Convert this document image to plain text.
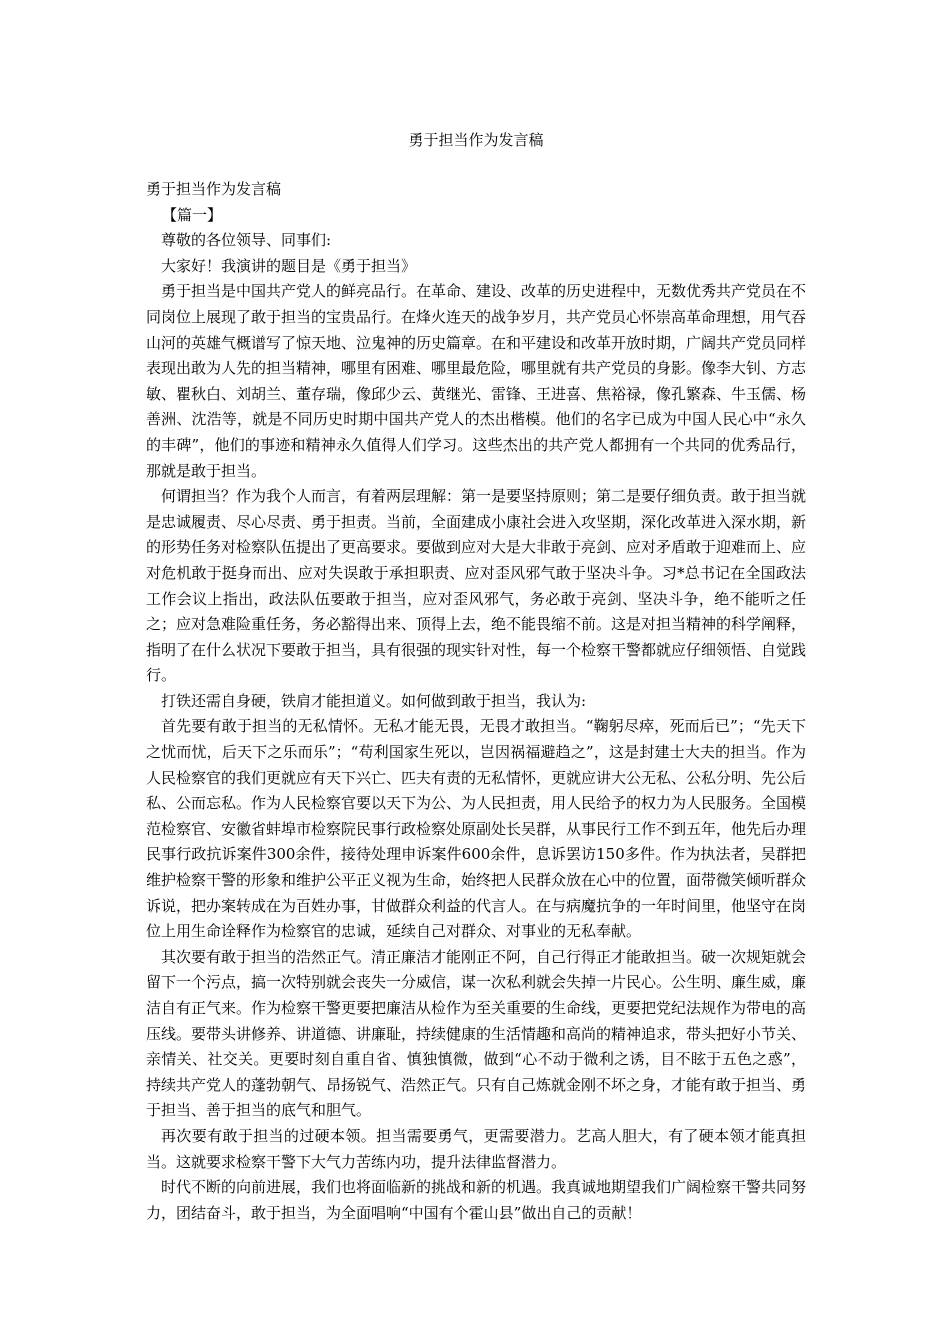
勇于担当作为发言稿

勇于担当作为发言稿

【篇一】

尊敬的各位领导、同事们:

大家好！我演讲的题目是《勇于担当》

勇于担当是中国共产党人的鲜亮品行。在革命、建设、改革的历史进程中，无数优秀共产党员在不同岗位上展现了敢于担当的宝贵品行。在烽火连天的战争岁月，共产党员心怀崇高革命理想，用气吞山河的英雄气概谱写了惊天地、泣鬼神的历史篇章。在和平建设和改革开放时期，广阔共产党员同样表现出敢为人先的担当精神，哪里有困难、哪里最危险，哪里就有共产党员的身影。像李大钊、方志敏、瞿秋白、刘胡兰、董存瑞，像邱少云、黄继光、雷锋、王进喜、焦裕禄，像孔繁森、牛玉儒、杨善洲、沈浩等，就是不同历史时期中国共产党人的杰出楷模。他们的名字已成为中国人民心中“永久的丰碑”，他们的事迹和精神永久值得人们学习。这些杰出的共产党人都拥有一个共同的优秀品行，那就是敢于担当。

何谓担当？作为我个人而言，有着两层理解：第一是要坚持原则；第二是要仔细负责。敢于担当就是忠诚履责、尽心尽责、勇于担责。当前，全面建成小康社会进入攻坚期，深化改革进入深水期，新的形势任务对检察队伍提出了更高要求。要做到应对大是大非敢于亮剑、应对矛盾敢于迎难而上、应对危机敢于挺身而出、应对失误敢于承担职责、应对歪风邪气敢于坚决斗争。习*总书记在全国政法工作会议上指出，政法队伍要敢于担当，应对歪风邪气，务必敢于亮剑、坚决斗争，绝不能听之任之；应对急难险重任务，务必豁得出来、顶得上去，绝不能畏缩不前。这是对担当精神的科学阐释，指明了在什么状况下要敢于担当，具有很强的现实针对性，每一个检察干警都就应仔细领悟、自觉践行。

打铁还需自身硬，铁肩才能担道义。如何做到敢于担当，我认为:

首先要有敢于担当的无私情怀。无私才能无畏，无畏才敢担当。“鞠躬尽瘁，死而后已”；“先天下之忧而忧，后天下之乐而乐”；“苟利国家生死以，岂因祸福避趋之”，这是封建士大夫的担当。作为人民检察官的我们更就应有天下兴亡、匹夫有责的无私情怀，更就应讲大公无私、公私分明、先公后私、公而忘私。作为人民检察官要以天下为公、为人民担责，用人民给予的权力为人民服务。全国模范检察官、安徽省蚌埠市检察院民事行政检察处原副处长吴群，从事民行工作不到五年，他先后办理民事行政抗诉案件300余件，接待处理申诉案件600余件，息诉罢访150多件。作为执法者，吴群把维护检察干警的形象和维护公平正义视为生命，始终把人民群众放在心中的位置，面带微笑倾听群众诉说，把办案转成在为百姓办事，甘做群众利益的代言人。在与病魔抗争的一年时间里，他坚守在岗位上用生命诠释作为检察官的忠诚，延续自己对群众、对事业的无私奉献。

其次要有敢于担当的浩然正气。清正廉洁才能刚正不阿，自己行得正才能敢担当。破一次规矩就会留下一个污点，搞一次特别就会丧失一分威信，谋一次私利就会失掉一片民心。公生明、廉生威，廉洁自有正气来。作为检察干警更要把廉洁从检作为至关重要的生命线，更要把党纪法规作为带电的高压线。要带头讲修养、讲道德、讲廉耻，持续健康的生活情趣和高尚的精神追求，带头把好小节关、亲情关、社交关。更要时刻自重自省、慎独慎微，做到“心不动于微利之诱，目不眩于五色之惑”，持续共产党人的蓬勃朝气、昂扬锐气、浩然正气。只有自己炼就金刚不坏之身，才能有敢于担当、勇于担当、善于担当的底气和胆气。

再次要有敢于担当的过硬本领。担当需要勇气，更需要潜力。艺高人胆大，有了硬本领才能真担当。这就要求检察干警下大气力苦练内功，提升法律监督潜力。

时代不断的向前进展，我们也将面临新的挑战和新的机遇。我真诚地期望我们广阔检察干警共同努力，团结奋斗，敢于担当，为全面唱响“中国有个霍山县”做出自己的贡献！
